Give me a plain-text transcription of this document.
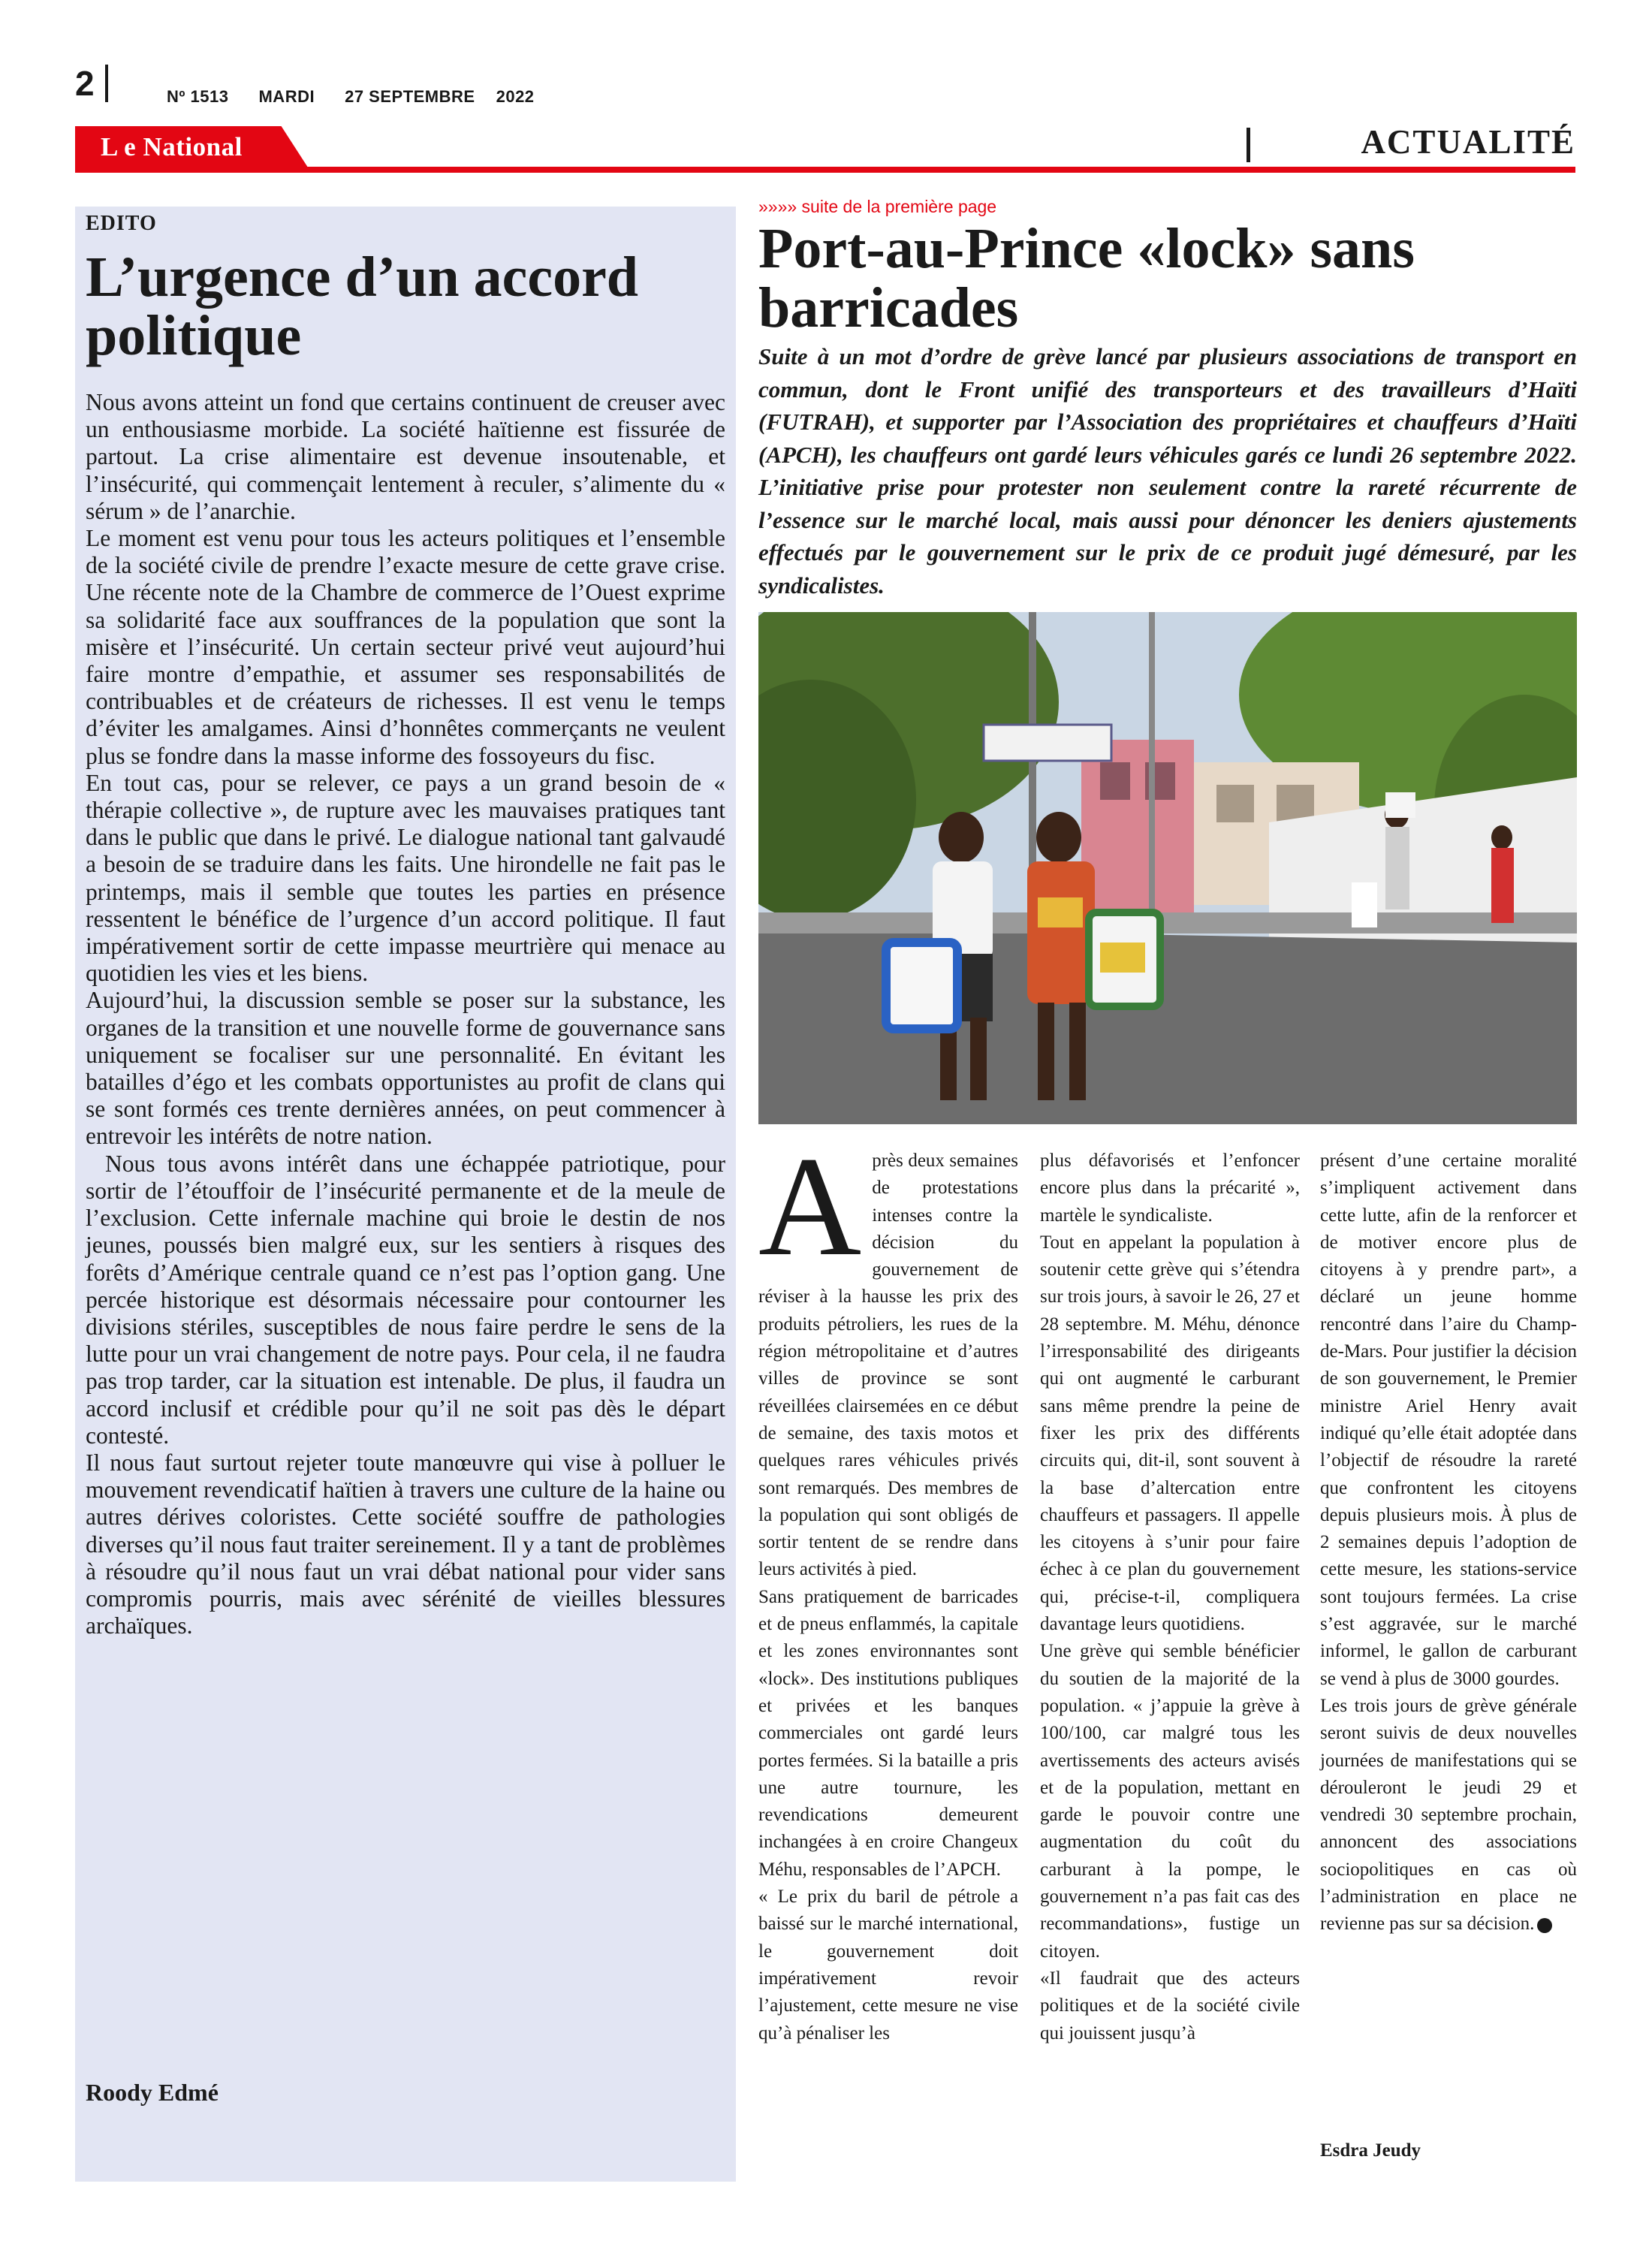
2	Nº 1513 MARDI 27 SEPTEMBRE 2022
L e National	ACTUALITÉ
EDITO
L’urgence d’un accord politique

Nous avons atteint un fond que certains continuent de creuser avec un enthousiasme morbide. La société haïtienne est fissurée de partout. La crise alimentaire est devenue insoutenable, et l’insécurité, qui commençait lentement à reculer, s’alimente du « sérum » de l’anarchie.

Le moment est venu pour tous les acteurs politiques et l’ensemble de la société civile de prendre l’exacte mesure de cette grave crise. Une récente note de la Chambre de commerce de l’Ouest exprime sa solidarité face aux souffrances de la population que sont la misère et l’insécurité. Un certain secteur privé veut aujourd’hui faire montre d’empathie, et assumer ses responsabilités de contribuables et de créateurs de richesses. Il est venu le temps d’éviter les amalgames. Ainsi d’honnêtes commerçants ne veulent plus se fondre dans la masse informe des fossoyeurs du fisc.

En tout cas, pour se relever, ce pays a un grand besoin de « thérapie collective », de rupture avec les mauvaises pratiques tant dans le public que dans le privé. Le dialogue national tant galvaudé a besoin de se traduire dans les faits. Une hirondelle ne fait pas le printemps, mais il semble que toutes les parties en présence ressentent le bénéfice de l’urgence d’un accord politique. Il faut impérativement sortir de cette impasse meurtrière qui menace au quotidien les vies et les biens.

Aujourd’hui, la discussion semble se poser sur la substance, les organes de la transition et une nouvelle forme de gouvernance sans uniquement se focaliser sur une personnalité. En évitant les batailles d’égo et les combats opportunistes au profit de clans qui se sont formés ces trente dernières années, on peut commencer à entrevoir les intérêts de notre nation.

Nous tous avons intérêt dans une échappée patriotique, pour sortir de l’étouffoir de l’insécurité permanente et de la meule de l’exclusion. Cette infernale machine qui broie le destin de nos jeunes, poussés bien malgré eux, sur les sentiers à risques des forêts d’Amérique centrale quand ce n’est pas l’option gang. Une percée historique est désormais nécessaire pour contourner les divisions stériles, susceptibles de nous faire perdre le sens de la lutte pour un vrai changement de notre pays. Pour cela, il ne faudra pas trop tarder, car la situation est intenable. De plus, il faudra un accord inclusif et crédible pour qu’il ne soit pas dès le départ contesté.

Il nous faut surtout rejeter toute manœuvre qui vise à polluer le mouvement revendicatif haïtien à travers une culture de la haine ou autres dérives coloristes. Cette société souffre de pathologies diverses qu’il nous faut traiter sereinement. Il y a tant de problèmes à résoudre qu’il nous faut un vrai débat national pour vider sans compromis pourris, mais avec sérénité de vieilles blessures archaïques.

Roody Edmé
»»»» suite de la première page
Port-au-Prince «lock» sans barricades
Suite à un mot d’ordre de grève lancé par plusieurs associations de transport en commun, dont le Front unifié des transporteurs et des travailleurs d’Haïti (FUTRAH), et supporter par l’Association des propriétaires et chauffeurs d’Haïti (APCH), les chauffeurs ont gardé leurs véhicules garés ce lundi 26 septembre 2022. L’initiative prise pour protester non seulement contre la rareté récurrente de l’essence sur le marché local, mais aussi pour dénoncer les deniers ajustements effectués par le gouvernement sur le prix de ce produit jugé démesuré, par les syndicalistes.
A près deux semaines de protestations intenses contre la décision du gouvernement de réviser à la hausse les prix des produits pétroliers, les rues de la région métropolitaine et d’autres villes de province se sont réveillées clairsemées en ce début de semaine, des taxis motos et quelques rares véhicules privés sont remarqués. Des membres de la population qui sont obligés de sortir tentent de se rendre dans leurs activités à pied.

Sans pratiquement de barricades et de pneus enflammés, la capitale et les zones environnantes sont «lock». Des institutions publiques et privées et les banques commerciales ont gardé leurs portes fermées. Si la bataille a pris une autre tournure, les revendications demeurent inchangées à en croire Changeux Méhu, responsables de l’APCH.

« Le prix du baril de pétrole a baissé sur le marché international, le gouvernement doit impérativement revoir l’ajustement, cette mesure ne vise qu’à pénaliser les

plus défavorisés et l’enfoncer encore plus dans la précarité », martèle le syndicaliste.

Tout en appelant la population à soutenir cette grève qui s’étendra sur trois jours, à savoir le 26, 27 et 28 septembre. M. Méhu, dénonce l’irresponsabilité des dirigeants qui ont augmenté le carburant sans même prendre la peine de fixer les prix des différents circuits qui, dit-il, sont souvent à la base d’altercation entre chauffeurs et passagers. Il appelle les citoyens à s’unir pour faire échec à ce plan du gouvernement qui, précise-t-il, compliquera davantage leurs quotidiens.

Une grève qui semble bénéficier du soutien de la majorité de la population. « j’appuie la grève à 100/100, car malgré tous les avertissements des acteurs avisés et de la population, mettant en garde le pouvoir contre une augmentation du coût du carburant à la pompe, le gouvernement n’a pas fait cas des recommandations», fustige un citoyen.

«Il faudrait que des acteurs politiques et de la société civile qui jouissent jusqu’à

présent d’une certaine moralité s’impliquent activement dans cette lutte, afin de la renforcer et de motiver encore plus de citoyens à y prendre part», a déclaré un jeune homme rencontré dans l’aire du Champ-de-Mars. Pour justifier la décision de son gouvernement, le Premier ministre Ariel Henry avait indiqué qu’elle était adoptée dans l’objectif de résoudre la rareté que confrontent les citoyens depuis plusieurs mois. À plus de 2 semaines depuis l’adoption de cette mesure, les stations-service sont toujours fermées. La crise s’est aggravée, sur le marché informel, le gallon de carburant se vend à plus de 3000 gourdes.

Les trois jours de grève générale seront suivis de deux nouvelles journées de manifestations qui se dérouleront le jeudi 29 et vendredi 30 septembre prochain, annoncent des associations sociopolitiques en cas où l’administration en place ne revienne pas sur sa décision.

Esdra Jeudy
